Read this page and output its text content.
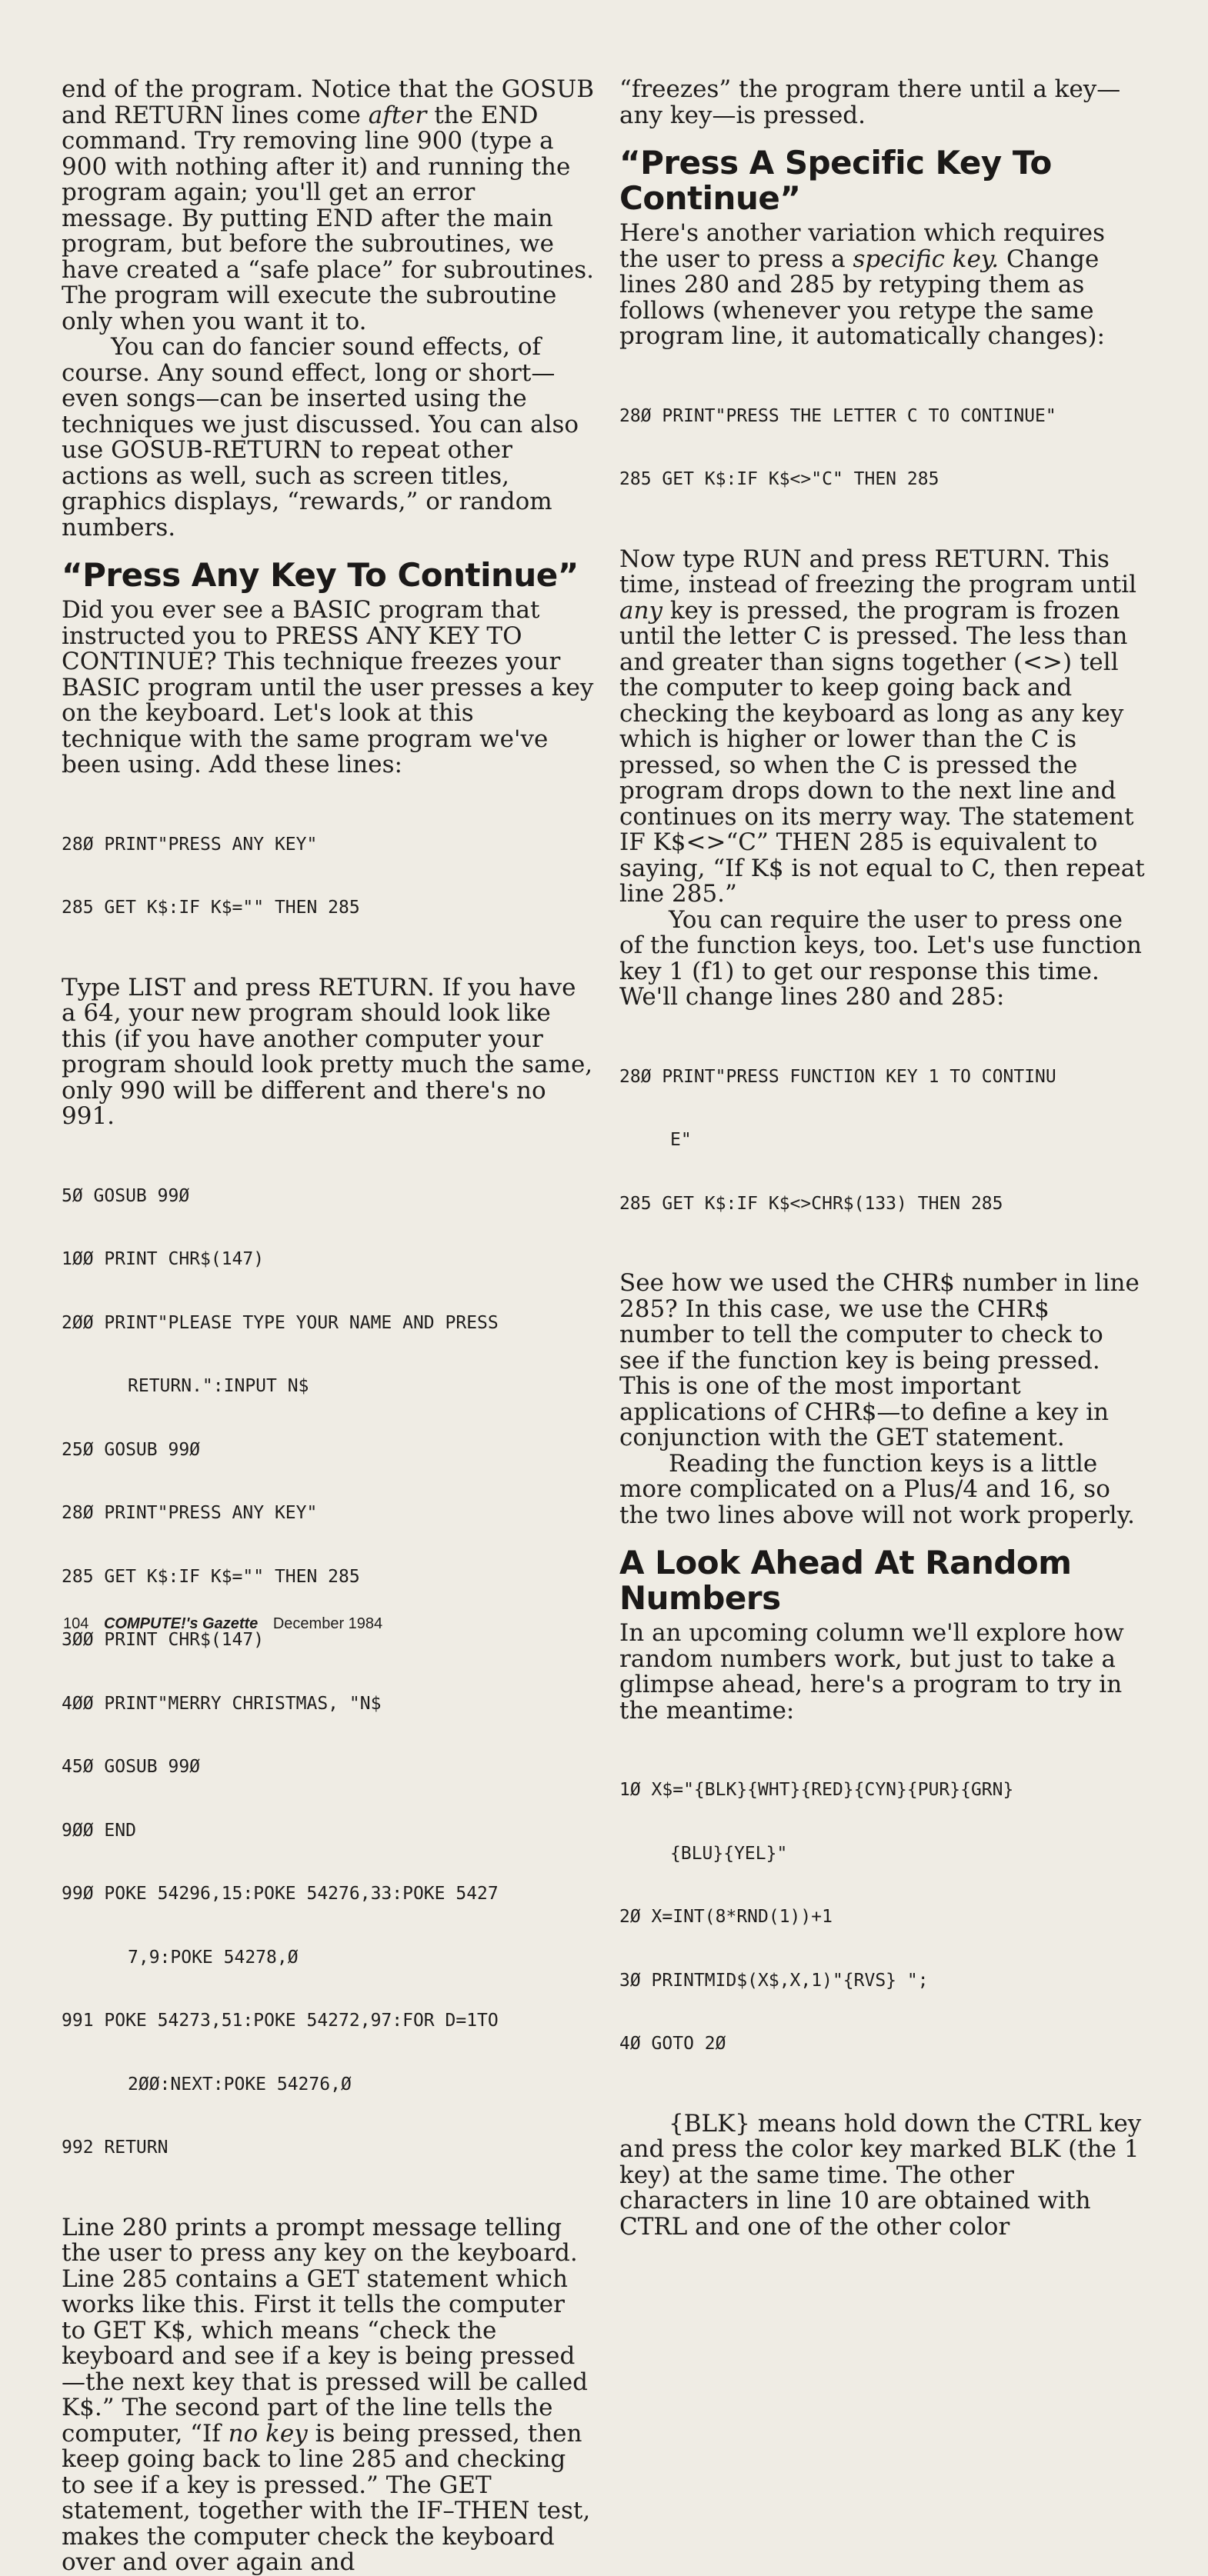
end of the program. Notice that the GOSUB and RETURN lines come after the END command. Try removing line 900 (type a 900 with nothing after it) and running the program again; you'll get an error message. By putting END after the main program, but before the subroutines, we have created a “safe place” for subroutines. The program will execute the subroutine only when you want it to.

You can do fancier sound effects, of course. Any sound effect, long or short—even songs—can be inserted using the techniques we just discussed. You can also use GOSUB-RETURN to repeat other actions as well, such as screen titles, graphics displays, “rewards,” or random numbers.

“Press Any Key To Continue”

Did you ever see a BASIC program that instructed you to PRESS ANY KEY TO CONTINUE? This technique freezes your BASIC program until the user presses a key on the keyboard. Let's look at this technique with the same program we've been using. Add these lines:

28Ø PRINT"PRESS ANY KEY"

285 GET K$:IF K$="" THEN 285

Type LIST and press RETURN. If you have a 64, your new program should look like this (if you have another computer your program should look pretty much the same, only 990 will be different and there's no 991.

5Ø GOSUB 99Ø

1ØØ PRINT CHR$(147)

2ØØ PRINT"PLEASE TYPE YOUR NAME AND PRESS

RETURN.":INPUT N$

25Ø GOSUB 99Ø

28Ø PRINT"PRESS ANY KEY"

285 GET K$:IF K$="" THEN 285

3ØØ PRINT CHR$(147)

4ØØ PRINT"MERRY CHRISTMAS, "N$

45Ø GOSUB 99Ø

9ØØ END

99Ø POKE 54296,15:POKE 54276,33:POKE 5427

7,9:POKE 54278,Ø

991 POKE 54273,51:POKE 54272,97:FOR D=1TO

2ØØ:NEXT:POKE 54276,Ø

992 RETURN

Line 280 prints a prompt message telling the user to press any key on the keyboard. Line 285 contains a GET statement which works like this. First it tells the computer to GET K$, which means “check the keyboard and see if a key is being pressed—the next key that is pressed will be called K$.” The second part of the line tells the computer, “If no key is being pressed, then keep going back to line 285 and checking to see if a key is pressed.” The GET statement, together with the IF–THEN test, makes the computer check the keyboard over and over again and

“freezes” the program there until a key—any key—is pressed.

“Press A Specific Key To Continue”

Here's another variation which requires the user to press a specific key. Change lines 280 and 285 by retyping them as follows (whenever you retype the same program line, it automatically changes):

28Ø PRINT"PRESS THE LETTER C TO CONTINUE"

285 GET K$:IF K$<>"C" THEN 285

Now type RUN and press RETURN. This time, instead of freezing the program until any key is pressed, the program is frozen until the letter C is pressed. The less than and greater than signs together (<>) tell the computer to keep going back and checking the keyboard as long as any key which is higher or lower than the C is pressed, so when the C is pressed the program drops down to the next line and continues on its merry way. The statement IF K$<>“C” THEN 285 is equivalent to saying, “If K$ is not equal to C, then repeat line 285.”

You can require the user to press one of the function keys, too. Let's use function key 1 (f1) to get our response this time. We'll change lines 280 and 285:

28Ø PRINT"PRESS FUNCTION KEY 1 TO CONTINU

E"

285 GET K$:IF K$<>CHR$(133) THEN 285

See how we used the CHR$ number in line 285? In this case, we use the CHR$ number to tell the computer to check to see if the function key is being pressed. This is one of the most important applications of CHR$—to define a key in conjunction with the GET statement.

Reading the function keys is a little more complicated on a Plus/4 and 16, so the two lines above will not work properly.

A Look Ahead At Random Numbers

In an upcoming column we'll explore how random numbers work, but just to take a glimpse ahead, here's a program to try in the meantime:

1Ø X$="{BLK}{WHT}{RED}{CYN}{PUR}{GRN}

{BLU}{YEL}"

2Ø X=INT(8*RND(1))+1

3Ø PRINTMID$(X$,X,1)"{RVS} ";

4Ø GOTO 2Ø

{BLK} means hold down the CTRL key and press the color key marked BLK (the 1 key) at the same time. The other characters in line 10 are obtained with CTRL and one of the other color

104 COMPUTE!'s Gazette December 1984
